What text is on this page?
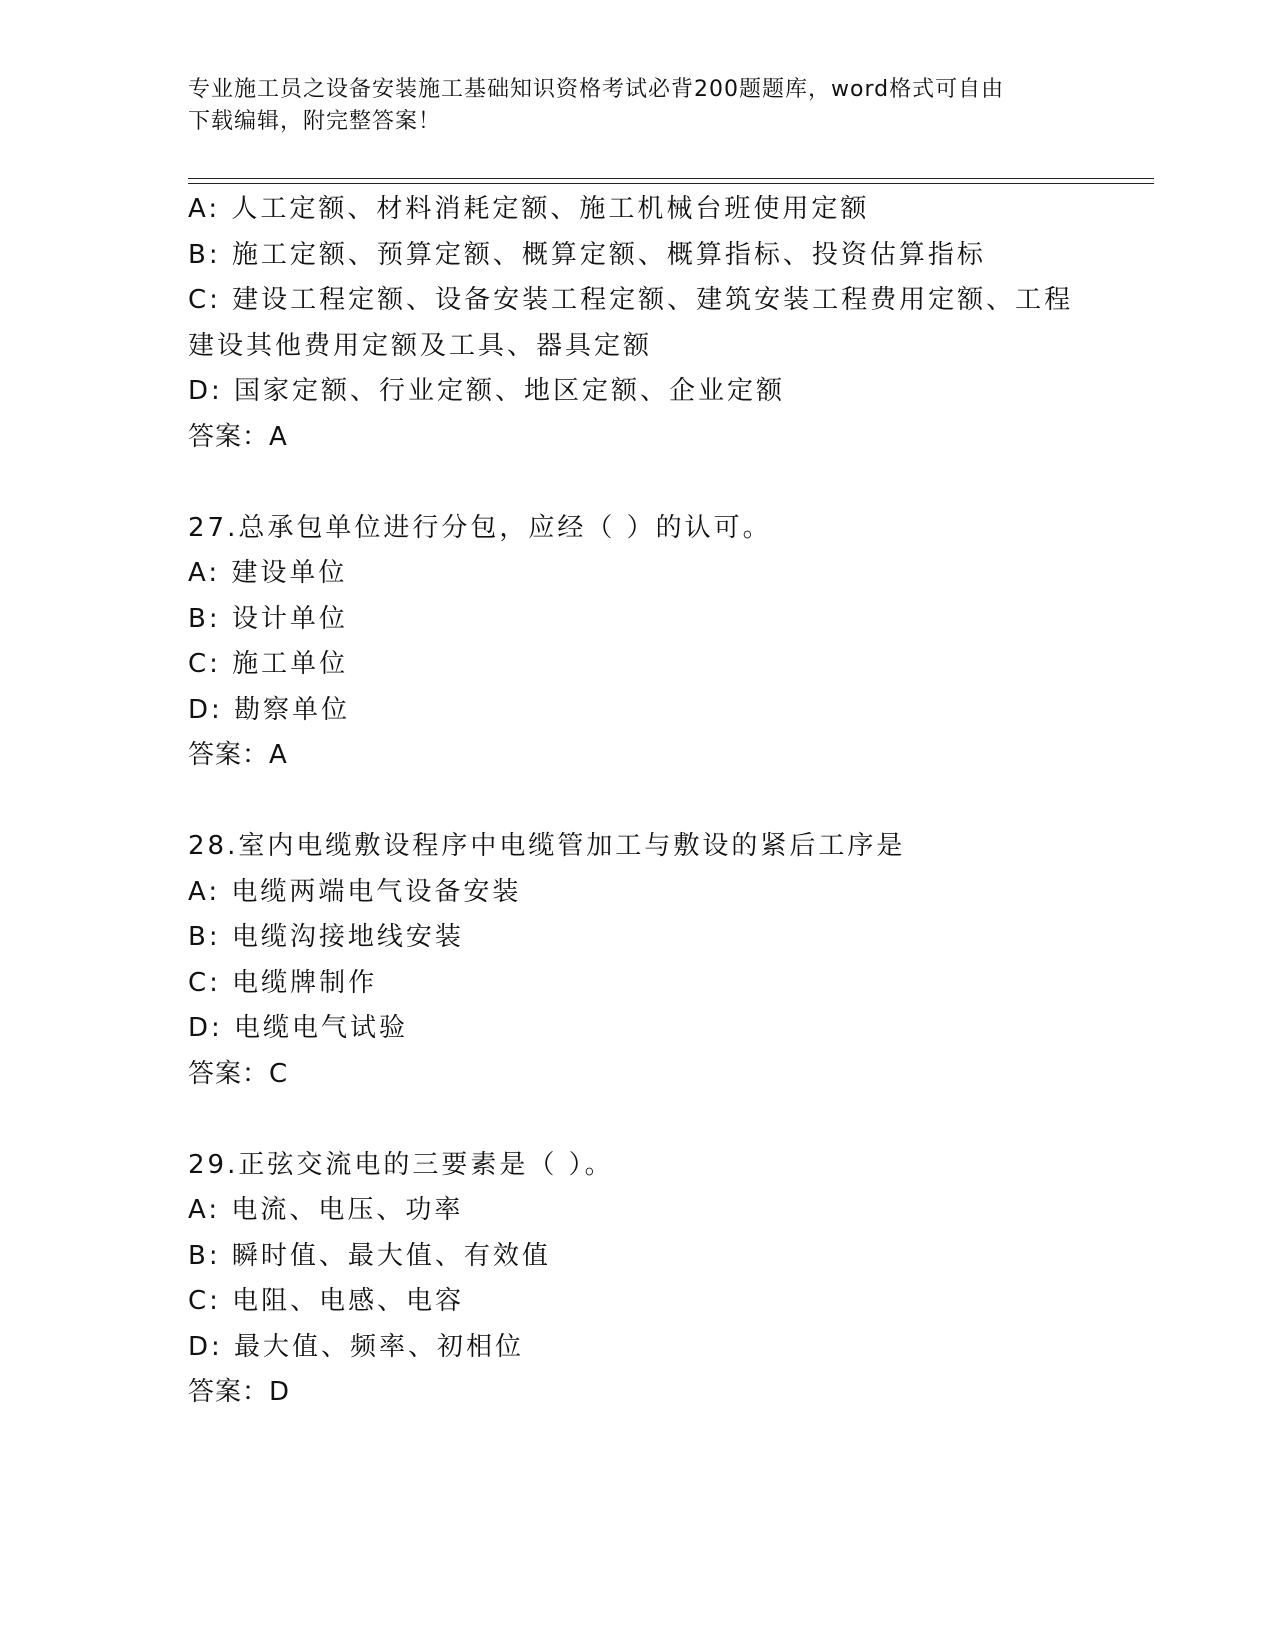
专业施工员之设备安装施工基础知识资格考试必背200题题库，word格式可自由
下载编辑，附完整答案！
A: 人工定额、材料消耗定额、施工机械台班使用定额
B: 施工定额、预算定额、概算定额、概算指标、投资估算指标
C: 建设工程定额、设备安装工程定额、建筑安装工程费用定额、工程
建设其他费用定额及工具、器具定额
D: 国家定额、行业定额、地区定额、企业定额
答案：A
27.总承包单位进行分包，应经（ ）的认可。
A: 建设单位
B: 设计单位
C: 施工单位
D: 勘察单位
答案：A
28.室内电缆敷设程序中电缆管加工与敷设的紧后工序是
A: 电缆两端电气设备安装
B: 电缆沟接地线安装
C: 电缆牌制作
D: 电缆电气试验
答案：C
29.正弦交流电的三要素是（ ）。
A: 电流、电压、功率
B: 瞬时值、最大值、有效值
C: 电阻、电感、电容
D: 最大值、频率、初相位
答案：D
